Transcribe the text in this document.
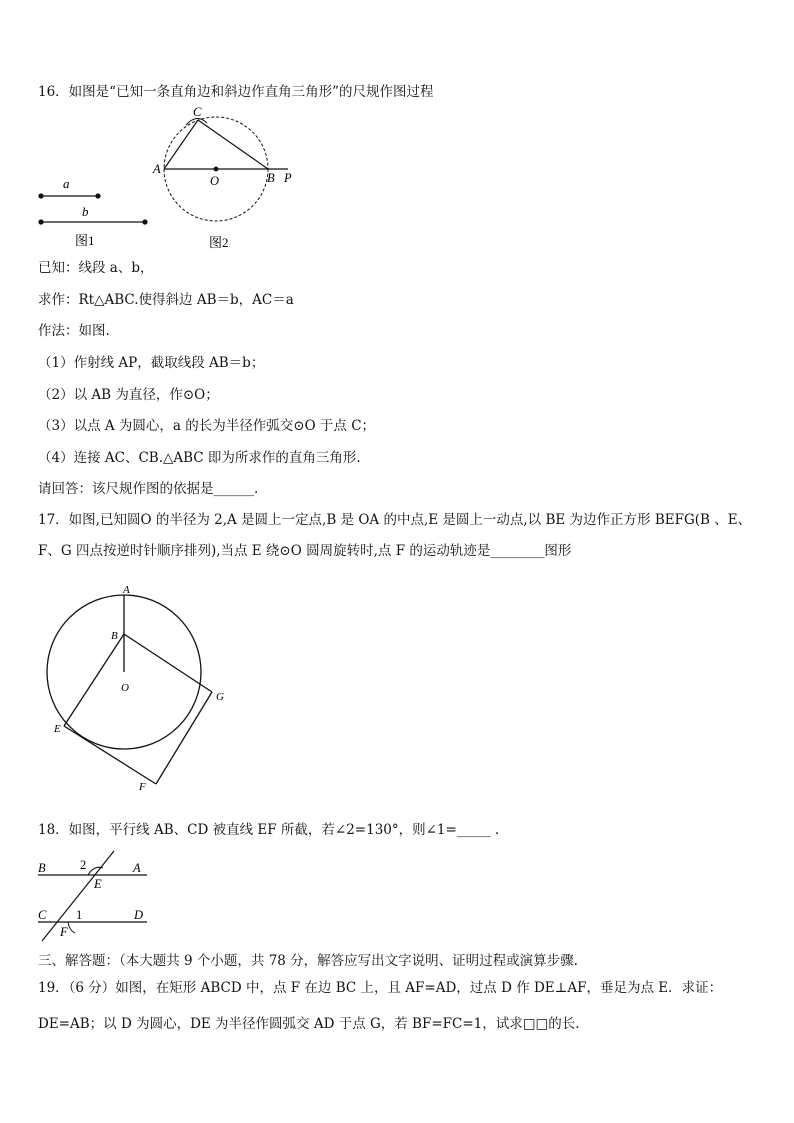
16．如图是“已知一条直角边和斜边作直角三角形”的尺规作图过程
a
b
图1
C
A
O	B P
图2
已知：线段 a、b，
求作：Rt△ABC.使得斜边 AB＝b，AC＝a
作法：如图.
（1）作射线 AP，截取线段 AB＝b；
（2）以 AB 为直径，作⊙O；
（3）以点 A 为圆心，a 的长为半径作弧交⊙O 于点 C；
（4）连接 AC、CB.△ABC 即为所求作的直角三角形.
请回答：该尺规作图的依据是______.
17．如图,已知圆O 的半径为 2,A 是圆上一定点,B 是 OA 的中点,E 是圆上一动点,以 BE 为边作正方形 BEFG(B 、E、
F、G 四点按逆时针顺序排列),当点 E 绕⊙O 圆周旋转时,点 F 的运动轨迹是________图形
A
B
O
E
F
G
18．如图，平行线 AB、CD 被直线 EF 所截，若∠2=130°，则∠1=_____ .
B	A
2
E
C 1	D
F
三、解答题：（本大题共 9 个小题，共 78 分，解答应写出文字说明、证明过程或演算步骤.
19．（6 分）如图，在矩形 ABCD 中，点 F 在边 BC 上，且 AF=AD，过点 D 作 DE⊥AF，垂足为点 E．求证：
DE=AB；以 D 为圆心，DE 为半径作圆弧交 AD 于点 G，若 BF=FC=1，试求□□的长.
